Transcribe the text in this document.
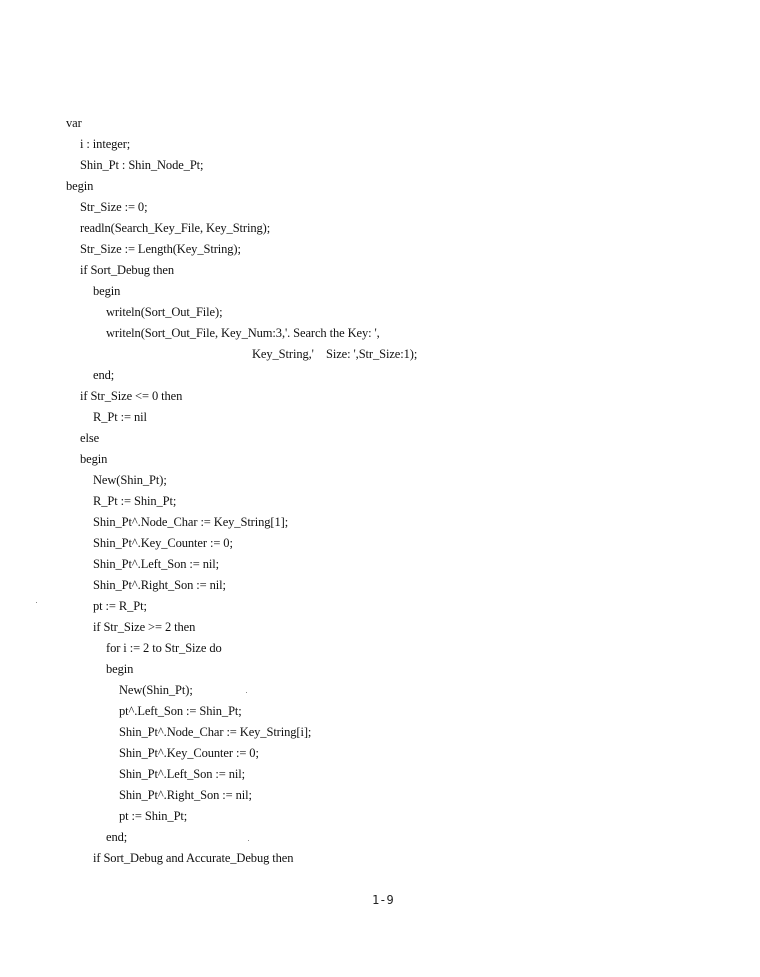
var
i : integer;
Shin_Pt : Shin_Node_Pt;
begin
Str_Size := 0;
readln(Search_Key_File, Key_String);
Str_Size := Length(Key_String);
if Sort_Debug then
begin
writeln(Sort_Out_File);
writeln(Sort_Out_File, Key_Num:3,'. Search the Key: ',
Key_String,' Size: ',Str_Size:1);
end;
if Str_Size <= 0 then
R_Pt := nil
else
begin
New(Shin_Pt);
R_Pt := Shin_Pt;
Shin_Pt^.Node_Char := Key_String[1];
Shin_Pt^.Key_Counter := 0;
Shin_Pt^.Left_Son := nil;
Shin_Pt^.Right_Son := nil;
pt := R_Pt;
if Str_Size >= 2 then
for i := 2 to Str_Size do
begin
New(Shin_Pt);
pt^.Left_Son := Shin_Pt;
Shin_Pt^.Node_Char := Key_String[i];
Shin_Pt^.Key_Counter := 0;
Shin_Pt^.Left_Son := nil;
Shin_Pt^.Right_Son := nil;
pt := Shin_Pt;
end;
if Sort_Debug and Accurate_Debug then
1-9
